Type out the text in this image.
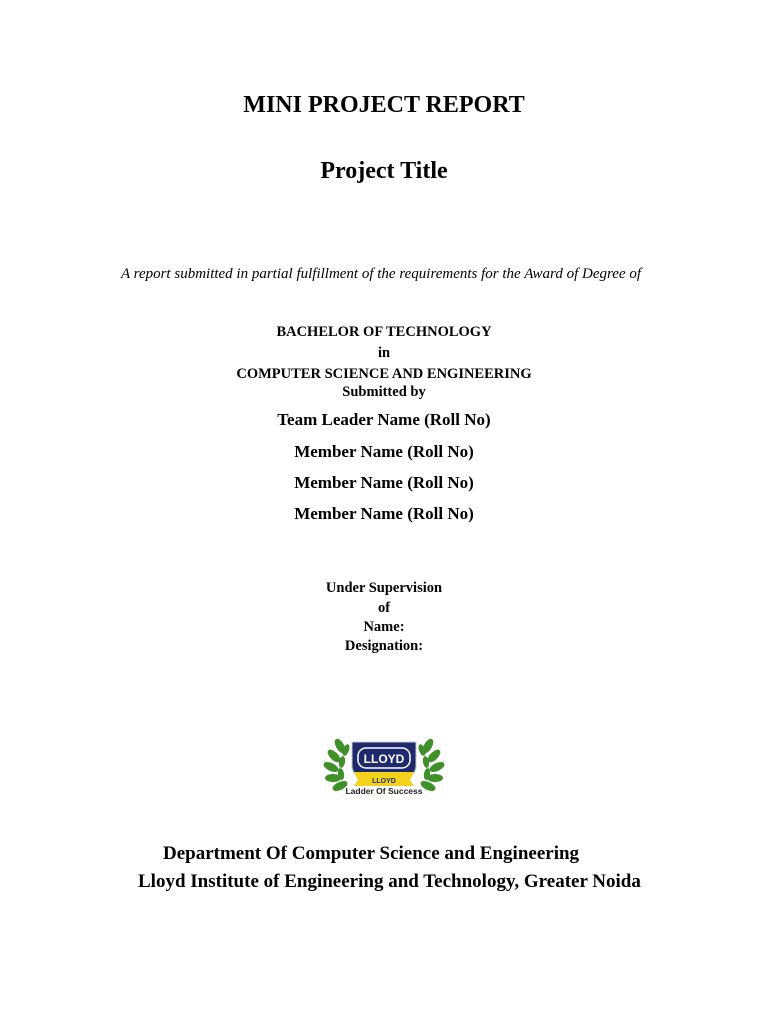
MINI PROJECT REPORT
Project Title
A report submitted in partial fulfillment of the requirements for the Award of Degree of
BACHELOR OF TECHNOLOGY
in
COMPUTER SCIENCE AND ENGINEERING
Submitted by
Team Leader Name (Roll No)
Member Name (Roll No)
Member Name (Roll No)
Member Name (Roll No)
Under Supervision
of
Name:
Designation:
LLOYD
LLOYD
Ladder Of Success
Department Of Computer Science and Engineering
Lloyd Institute of Engineering and Technology, Greater Noida
